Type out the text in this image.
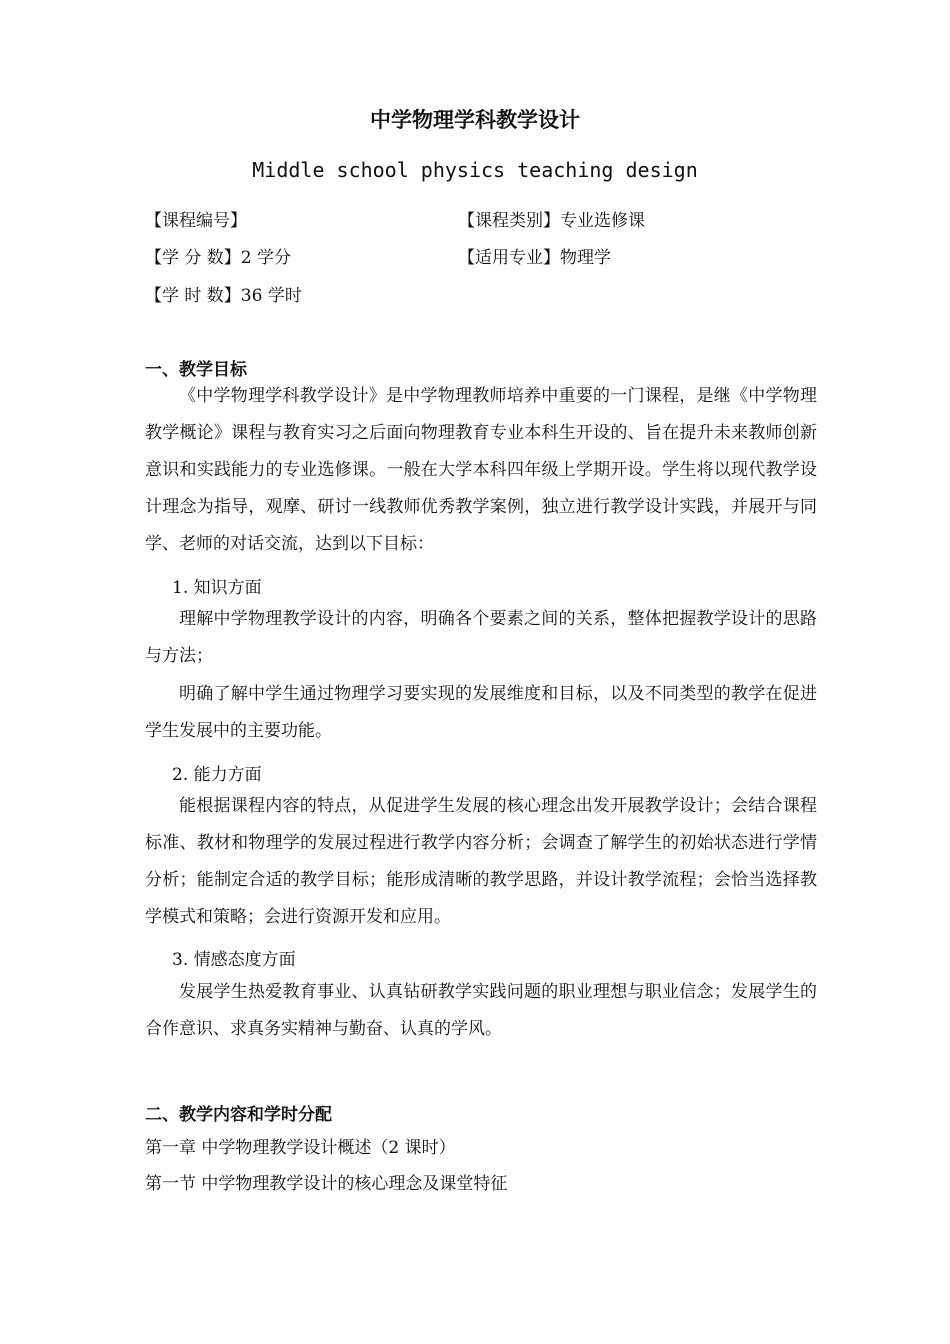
中学物理学科教学设计
Middle school physics teaching design
【课程编号】	【课程类别】专业选修课
【学 分 数】2 学分	【适用专业】物理学
【学 时 数】36 学时
一、教学目标
《中学物理学科教学设计》是中学物理教师培养中重要的一门课程，是继《中学物理教学概论》课程与教育实习之后面向物理教育专业本科生开设的、旨在提升未来教师创新意识和实践能力的专业选修课。一般在大学本科四年级上学期开设。学生将以现代教学设计理念为指导，观摩、研讨一线教师优秀教学案例，独立进行教学设计实践，并展开与同学、老师的对话交流，达到以下目标：
1. 知识方面
理解中学物理教学设计的内容，明确各个要素之间的关系，整体把握教学设计的思路与方法；
明确了解中学生通过物理学习要实现的发展维度和目标，以及不同类型的教学在促进学生发展中的主要功能。
2. 能力方面
能根据课程内容的特点，从促进学生发展的核心理念出发开展教学设计；会结合课程标准、教材和物理学的发展过程进行教学内容分析；会调查了解学生的初始状态进行学情分析；能制定合适的教学目标；能形成清晰的教学思路，并设计教学流程；会恰当选择教学模式和策略；会进行资源开发和应用。
3. 情感态度方面
发展学生热爱教育事业、认真钻研教学实践问题的职业理想与职业信念；发展学生的合作意识、求真务实精神与勤奋、认真的学风。
二、教学内容和学时分配
第一章 中学物理教学设计概述（2 课时）
第一节 中学物理教学设计的核心理念及课堂特征
